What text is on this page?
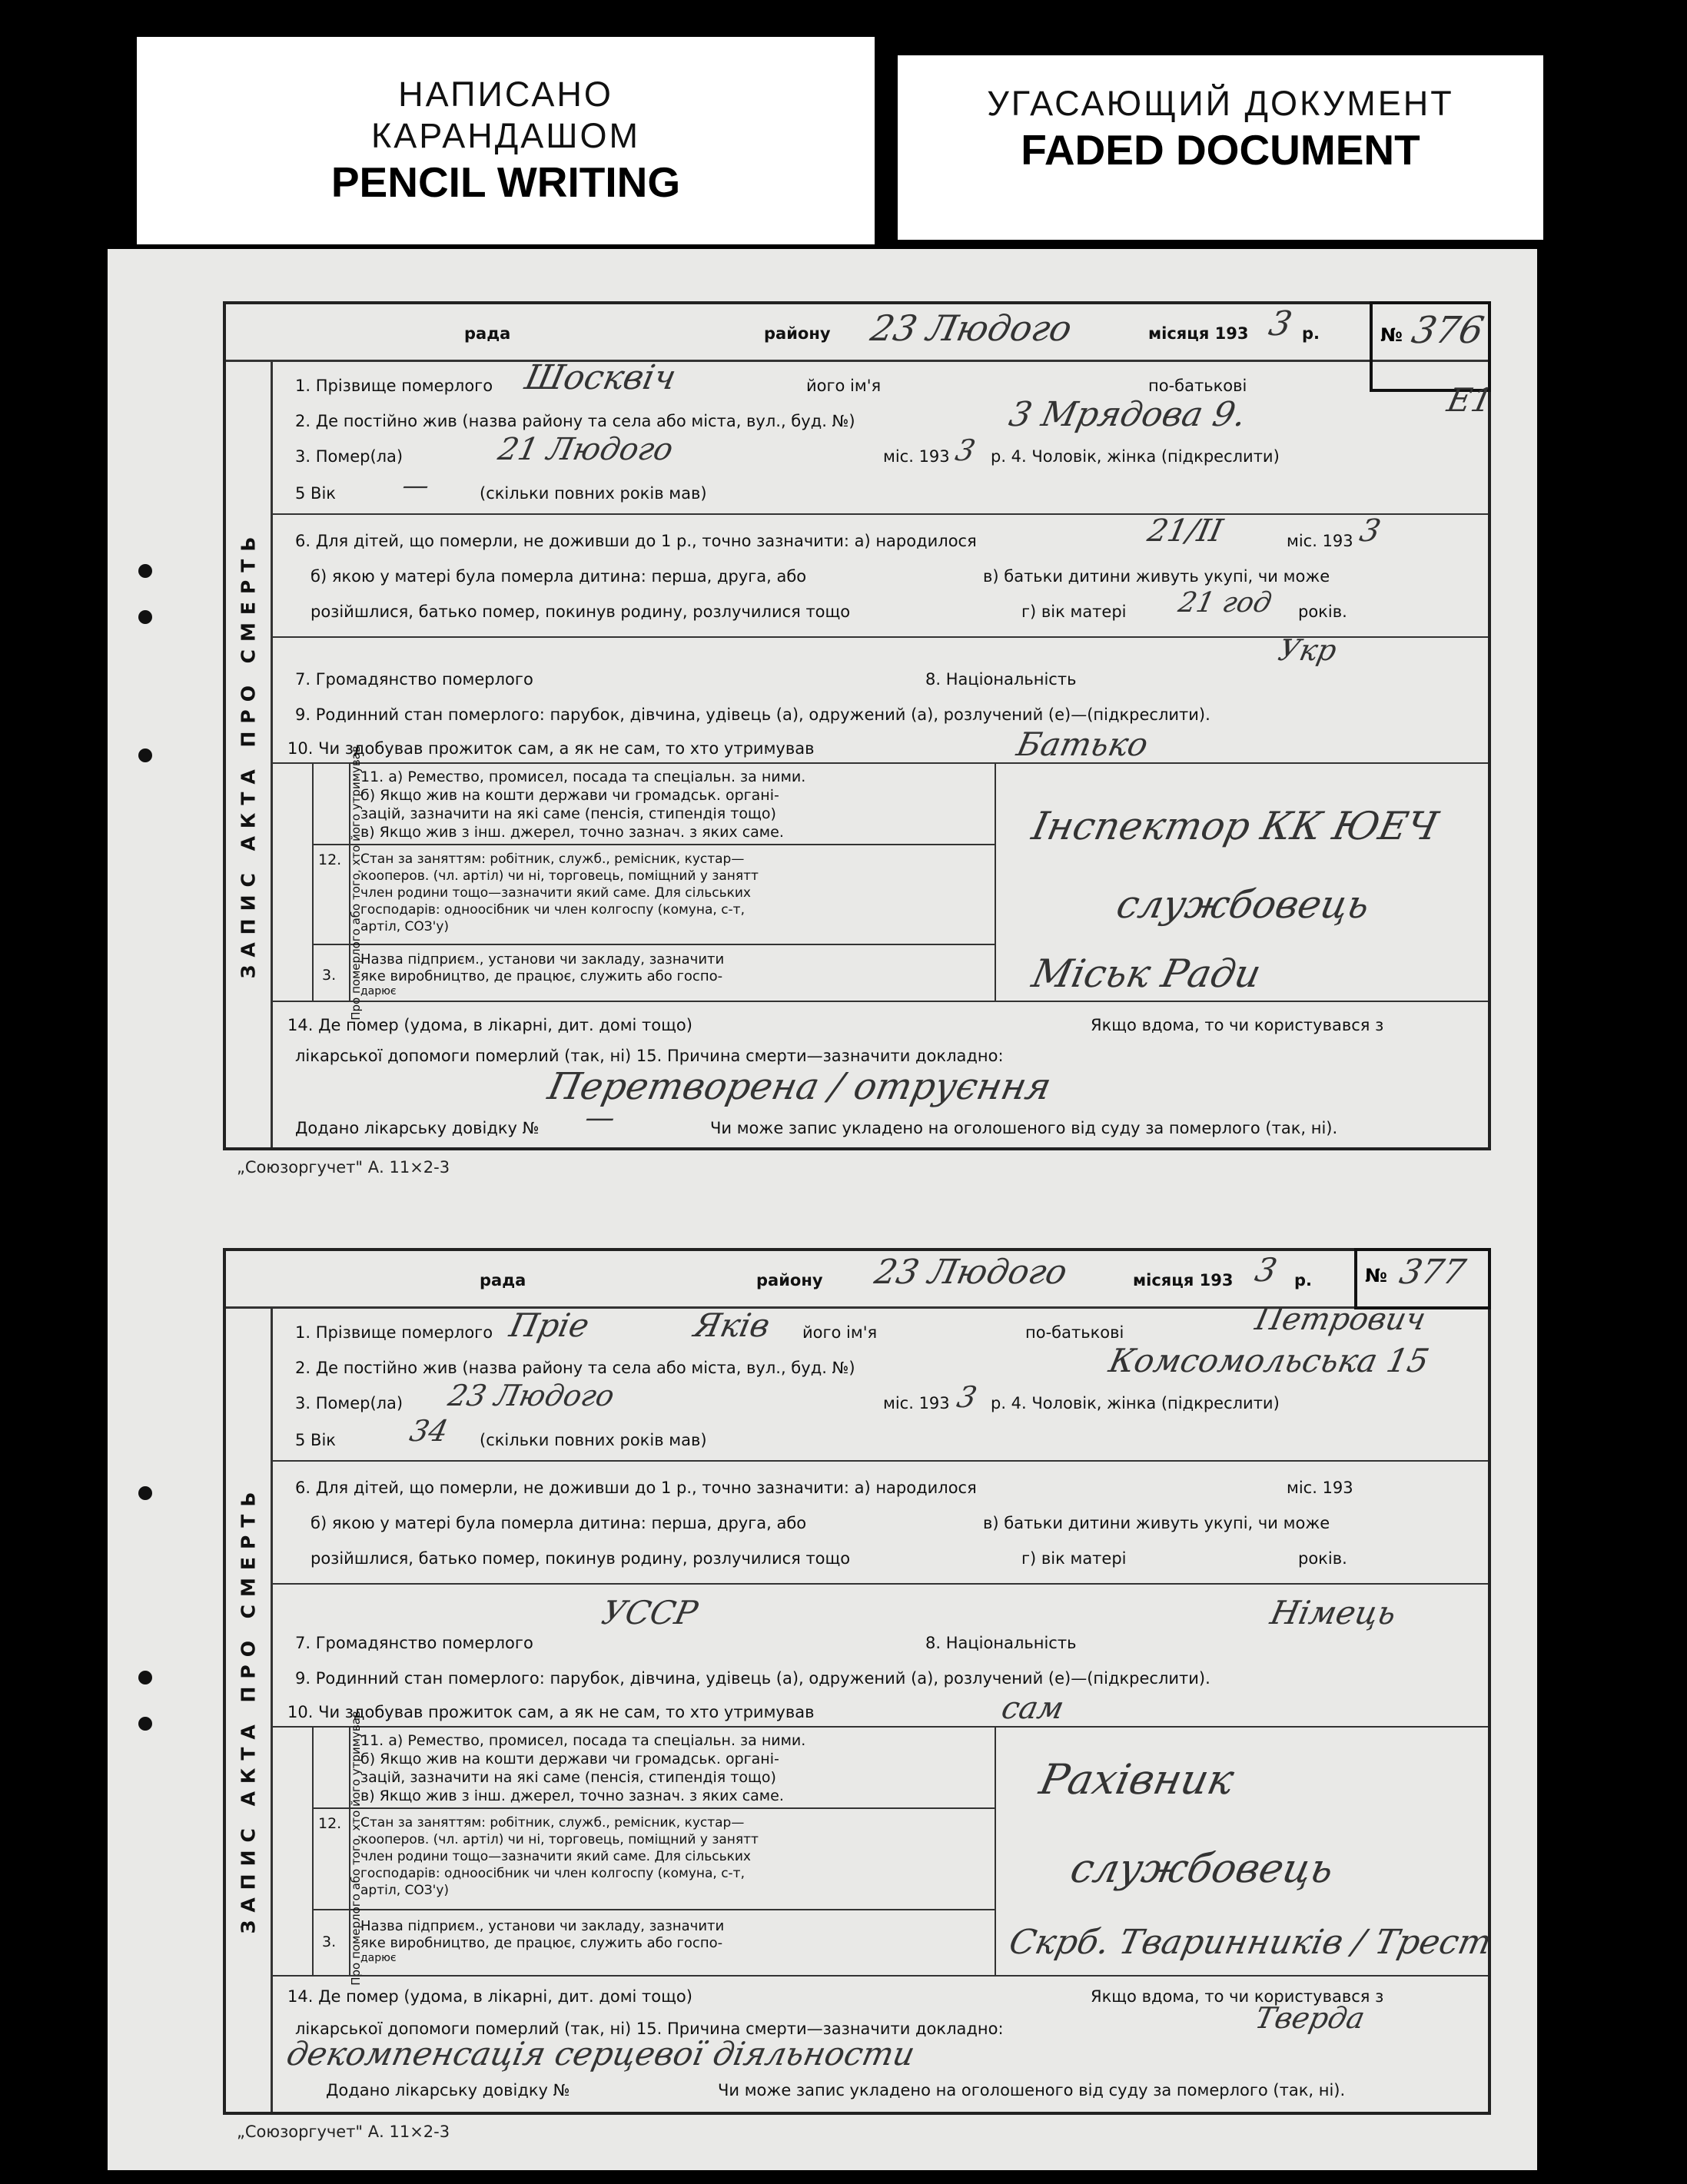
НАПИСАНО
КАРАНДАШОМ
PENCIL WRITING
УГАСАЮЩИЙ ДОКУМЕНТ
FADED DOCUMENT
рада	району 23 Людого	місяця 193 3 р.	№ 376
Е1
ЗАПИС АКТА ПРО СМЕРТЬ
1. Прізвище померлого Шосквіч	його ім'я	по-батькові
2. Де постійно жив (назва району та села або міста, вул., буд. №)	3 Мрядова 9.
3. Помер(ла)	21 Людого	міс. 193 3 р. 4. Чоловік, жінка (підкреслити)
5 Вік —	(скільки повних років мав)
6. Для дітей, що померли, не доживши до 1 р., точно зазначити: а) народилося	21/II	міс. 193 3
б) якою у матері була померла дитина: перша, друга, або	в) батьки дитини живуть укупі, чи може
розійшлися, батько помер, покинув родину, розлучилися тощо	г) вік матері 21 год років.
Укр
7. Громадянство померлого	8. Національність
9. Родинний стан померлого: парубок, дівчина, удівець (а), одружений (а), розлучений (е)—(підкреслити).
10. Чи здобував прожиток сам, а як не сам, то хто утримував	Батько
Про померлого або того, хто його утримував
11. а) Ремество, промисел, посада та спеціальн. за ними.
б) Якщо жив на кошти держави чи громадськ. органі-
зацій, зазначити на які саме (пенсія, стипендія тощо)
в) Якщо жив з інш. джерел, точно зазнач. з яких саме.	Інспектор КК ЮЕЧ
12. Стан за заняттям: робітник, служб., ремісник, кустар—
кооперов. (чл. артіл) чи ні, торговець, поміщний у занятт
член родини тощо—зазначити який саме. Для сільських
господарів: одноосібник чи член колгоспу (комуна, с-т,
артіл, СОЗ'у)	службовець
3.
Назва підприєм., установи чи закладу, зазначити
яке виробництво, де працює, служить або госпо-
дарює	Міськ Ради
14. Де помер (удома, в лікарні, дит. домі тощо)	Якщо вдома, то чи користувався з
лікарської допомоги померлий (так, ні) 15. Причина смерти—зазначити докладно:
Перетворена / отруєння
Додано лікарську довідку № —	Чи може запис укладено на оголошеного від суду за померлого (так, ні).
„Союзоргучет" А. 11×2-3
рада	району 23 Людого	місяця 193 3 р.	№ 377
ЗАПИС АКТА ПРО СМЕРТЬ
1. Прізвище померлого Пріе	Яків його ім'я	по-батькові	Петрович
2. Де постійно жив (назва району та села або міста, вул., буд. №)	Комсомольська 15
3. Помер(ла) 23 Людого	міс. 193 3 р. 4. Чоловік, жінка (підкреслити)
5 Вік 34 (скільки повних років мав)
6. Для дітей, що померли, не доживши до 1 р., точно зазначити: а) народилося	міс. 193
б) якою у матері була померла дитина: перша, друга, або	в) батьки дитини живуть укупі, чи може
розійшлися, батько помер, покинув родину, розлучилися тощо	г) вік матері	років.
УССР	Німець
7. Громадянство померлого	8. Національність
9. Родинний стан померлого: парубок, дівчина, удівець (а), одружений (а), розлучений (е)—(підкреслити).
10. Чи здобував прожиток сам, а як не сам, то хто утримував	сам
Про померлого або того, хто його утримував
11. а) Ремество, промисел, посада та спеціальн. за ними.
б) Якщо жив на кошти держави чи громадськ. органі-
зацій, зазначити на які саме (пенсія, стипендія тощо)
в) Якщо жив з інш. джерел, точно зазнач. з яких саме.	Рахівник
12. Стан за заняттям: робітник, служб., ремісник, кустар—
кооперов. (чл. артіл) чи ні, торговець, поміщний у занятт
член родини тощо—зазначити який саме. Для сільських
господарів: одноосібник чи член колгоспу (комуна, с-т,
артіл, СОЗ'у)	службовець
3.
Назва підприєм., установи чи закладу, зазначити
яке виробництво, де працює, служить або госпо-
дарює	Скрб. Тваринників / Трест
14. Де помер (удома, в лікарні, дит. домі тощо)	Якщо вдома, то чи користувався з
Тверда
лікарської допомоги померлий (так, ні) 15. Причина смерти—зазначити докладно:
декомпенсація серцевої діяльности
Додано лікарську довідку №	Чи може запис укладено на оголошеного від суду за померлого (так, ні).
„Союзоргучет" А. 11×2-3
